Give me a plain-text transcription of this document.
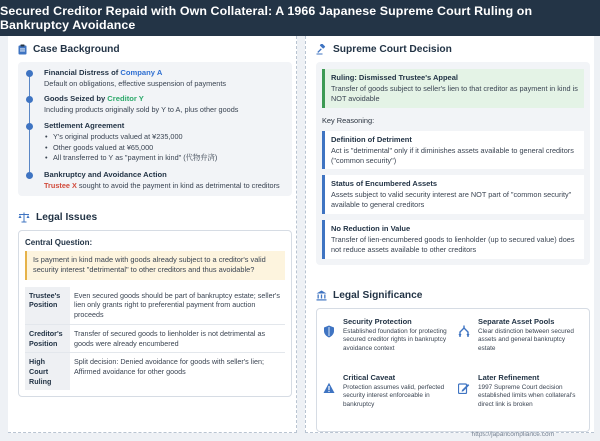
Secured Creditor Repaid with Own Collateral: A 1966 Japanese Supreme Court Ruling on Bankruptcy Avoidance
Case Background
Financial Distress of Company A
Default on obligations, effective suspension of payments
Goods Seized by Creditor Y
Including products originally sold by Y to A, plus other goods
Settlement Agreement
• Y's original products valued at ¥235,000
• Other goods valued at ¥65,000
• All transferred to Y as "payment in kind" (代物弁済)
Bankruptcy and Avoidance Action
Trustee X sought to avoid the payment in kind as detrimental to creditors
Legal Issues
Central Question:
Is payment in kind made with goods already subject to a creditor's valid security interest "detrimental" to other creditors and thus avoidable?
Trustee's Position	Even secured goods should be part of bankruptcy estate; seller's lien only grants right to preferential payment from auction proceeds
Creditor's Position	Transfer of secured goods to lienholder is not detrimental as goods were already encumbered
High Court Ruling	Split decision: Denied avoidance for goods with seller's lien; Affirmed avoidance for other goods
Supreme Court Decision
Ruling: Dismissed Trustee's Appeal
Transfer of goods subject to seller's lien to that creditor as payment in kind is NOT avoidable
Key Reasoning:
Definition of Detriment
Act is "detrimental" only if it diminishes assets available to general creditors ("common security")
Status of Encumbered Assets
Assets subject to valid security interest are NOT part of "common security" available to general creditors
No Reduction in Value
Transfer of lien-encumbered goods to lienholder (up to secured value) does not reduce assets available to other creditors
Legal Significance
Security Protection
Established foundation for protecting secured creditor rights in bankruptcy avoidance context
Separate Asset Pools
Clear distinction between secured assets and general bankruptcy estate
Critical Caveat
Protection assumes valid, perfected security interest enforceable in bankruptcy
Later Refinement
1997 Supreme Court decision established limits when collateral's direct link is broken
https://japancompliance.com
